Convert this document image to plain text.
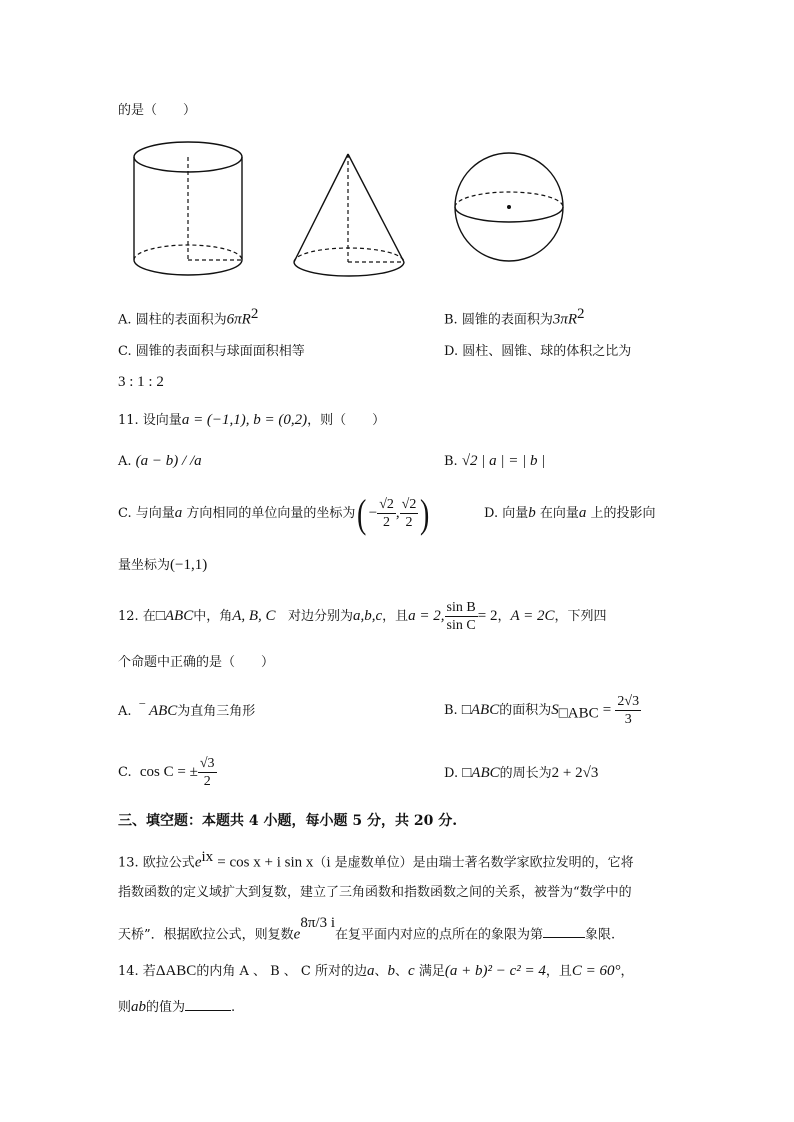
的是（　　）
A. 圆柱的表面积为$6\pi R^2$	B. 圆锥的表面积为$3\pi R^2$
C. 圆锥的表面积与球面面积相等	D. 圆柱、圆锥、球的体积之比为
3 : 1 : 2
11. 设向量a = (−1,1), b = (0,2)，则（　　）
A. (a − b) / /a	B. √2 | a | = | b |
C. 与向量a 方向相同的单位向量的坐标为( − $\frac{√2}{2}$ , $\frac{√2}{2}$ )	D. 向量b 在向量a 上的投影向
量坐标为(−1,1)
12. 在□ABC中，角A, B, C 对边分别为a,b,c，且a = 2, $\frac{\text{sin B}}{\text{sin C}} = 2$，A = 2C，下列四
个命题中正确的是（　　）
A. ‾ ABC为直角三角形	B. □ABC的面积为$S_{□ABC} = \frac{2√3}{3}$
C. cos C = ± $\frac{√3}{2}$	D. □ABC的周长为2 + 2√3
三、填空题：本题共 4 小题，每小题 5 分，共 20 分.
13. 欧拉公式$e^{ix} = \cos x + i$ sin x（i 是虚数单位）是由瑞士著名数学家欧拉发明的，它将
指数函数的定义域扩大到复数，建立了三角函数和指数函数之间的关系，被誉为“数学中的
天桥”．根据欧拉公式，则复数$e^{8\pi/3 i}$在复平面内对应的点所在的象限为第	象限.
14. 若ΔABC的内角 A 、 B 、 C 所对的边a、b、c 满足(a + b)² − c² = 4，且C = 60°，
则ab的值为	.
